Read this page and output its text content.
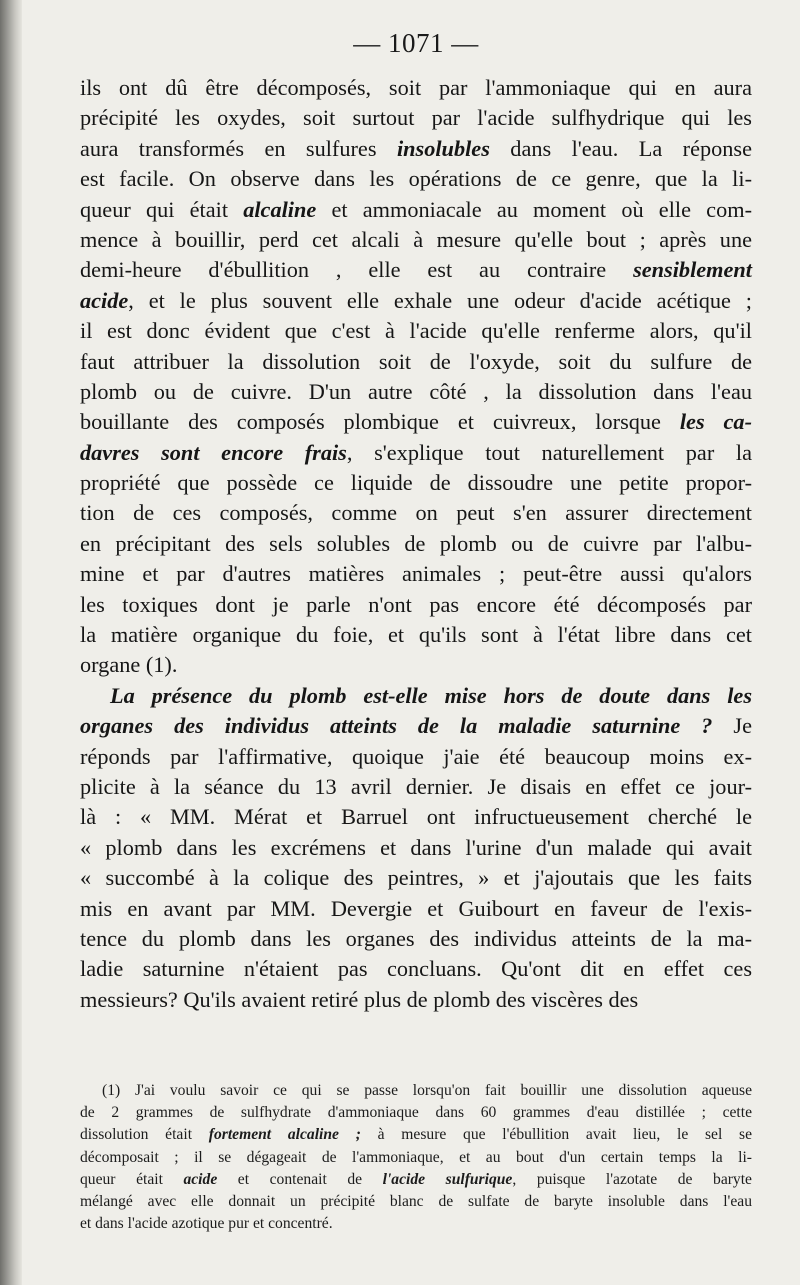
— 1071 —
ils ont dû être décomposés, soit par l'ammoniaque qui en aura
précipité les oxydes, soit surtout par l'acide sulfhydrique qui les
aura transformés en sulfures insolubles dans l'eau. La réponse
est facile. On observe dans les opérations de ce genre, que la li-
queur qui était alcaline et ammoniacale au moment où elle com-
mence à bouillir, perd cet alcali à mesure qu'elle bout ; après une
demi-heure d'ébullition , elle est au contraire sensiblement
acide, et le plus souvent elle exhale une odeur d'acide acétique ;
il est donc évident que c'est à l'acide qu'elle renferme alors, qu'il
faut attribuer la dissolution soit de l'oxyde, soit du sulfure de
plomb ou de cuivre. D'un autre côté , la dissolution dans l'eau
bouillante des composés plombique et cuivreux, lorsque les ca-
davres sont encore frais, s'explique tout naturellement par la
propriété que possède ce liquide de dissoudre une petite propor-
tion de ces composés, comme on peut s'en assurer directement
en précipitant des sels solubles de plomb ou de cuivre par l'albu-
mine et par d'autres matières animales ; peut-être aussi qu'alors
les toxiques dont je parle n'ont pas encore été décomposés par
la matière organique du foie, et qu'ils sont à l'état libre dans cet
organe (1).
La présence du plomb est-elle mise hors de doute dans les
organes des individus atteints de la maladie saturnine ? Je
réponds par l'affirmative, quoique j'aie été beaucoup moins ex-
plicite à la séance du 13 avril dernier. Je disais en effet ce jour-
là : « MM. Mérat et Barruel ont infructueusement cherché le
« plomb dans les excrémens et dans l'urine d'un malade qui avait
« succombé à la colique des peintres, » et j'ajoutais que les faits
mis en avant par MM. Devergie et Guibourt en faveur de l'exis-
tence du plomb dans les organes des individus atteints de la ma-
ladie saturnine n'étaient pas concluans. Qu'ont dit en effet ces
messieurs? Qu'ils avaient retiré plus de plomb des viscères des
(1) J'ai voulu savoir ce qui se passe lorsqu'on fait bouillir une dissolution aqueuse
de 2 grammes de sulfhydrate d'ammoniaque dans 60 grammes d'eau distillée ; cette
dissolution était fortement alcaline ; à mesure que l'ébullition avait lieu, le sel se
décomposait ; il se dégageait de l'ammoniaque, et au bout d'un certain temps la li-
queur était acide et contenait de l'acide sulfurique, puisque l'azotate de baryte
mélangé avec elle donnait un précipité blanc de sulfate de baryte insoluble dans l'eau
et dans l'acide azotique pur et concentré.
